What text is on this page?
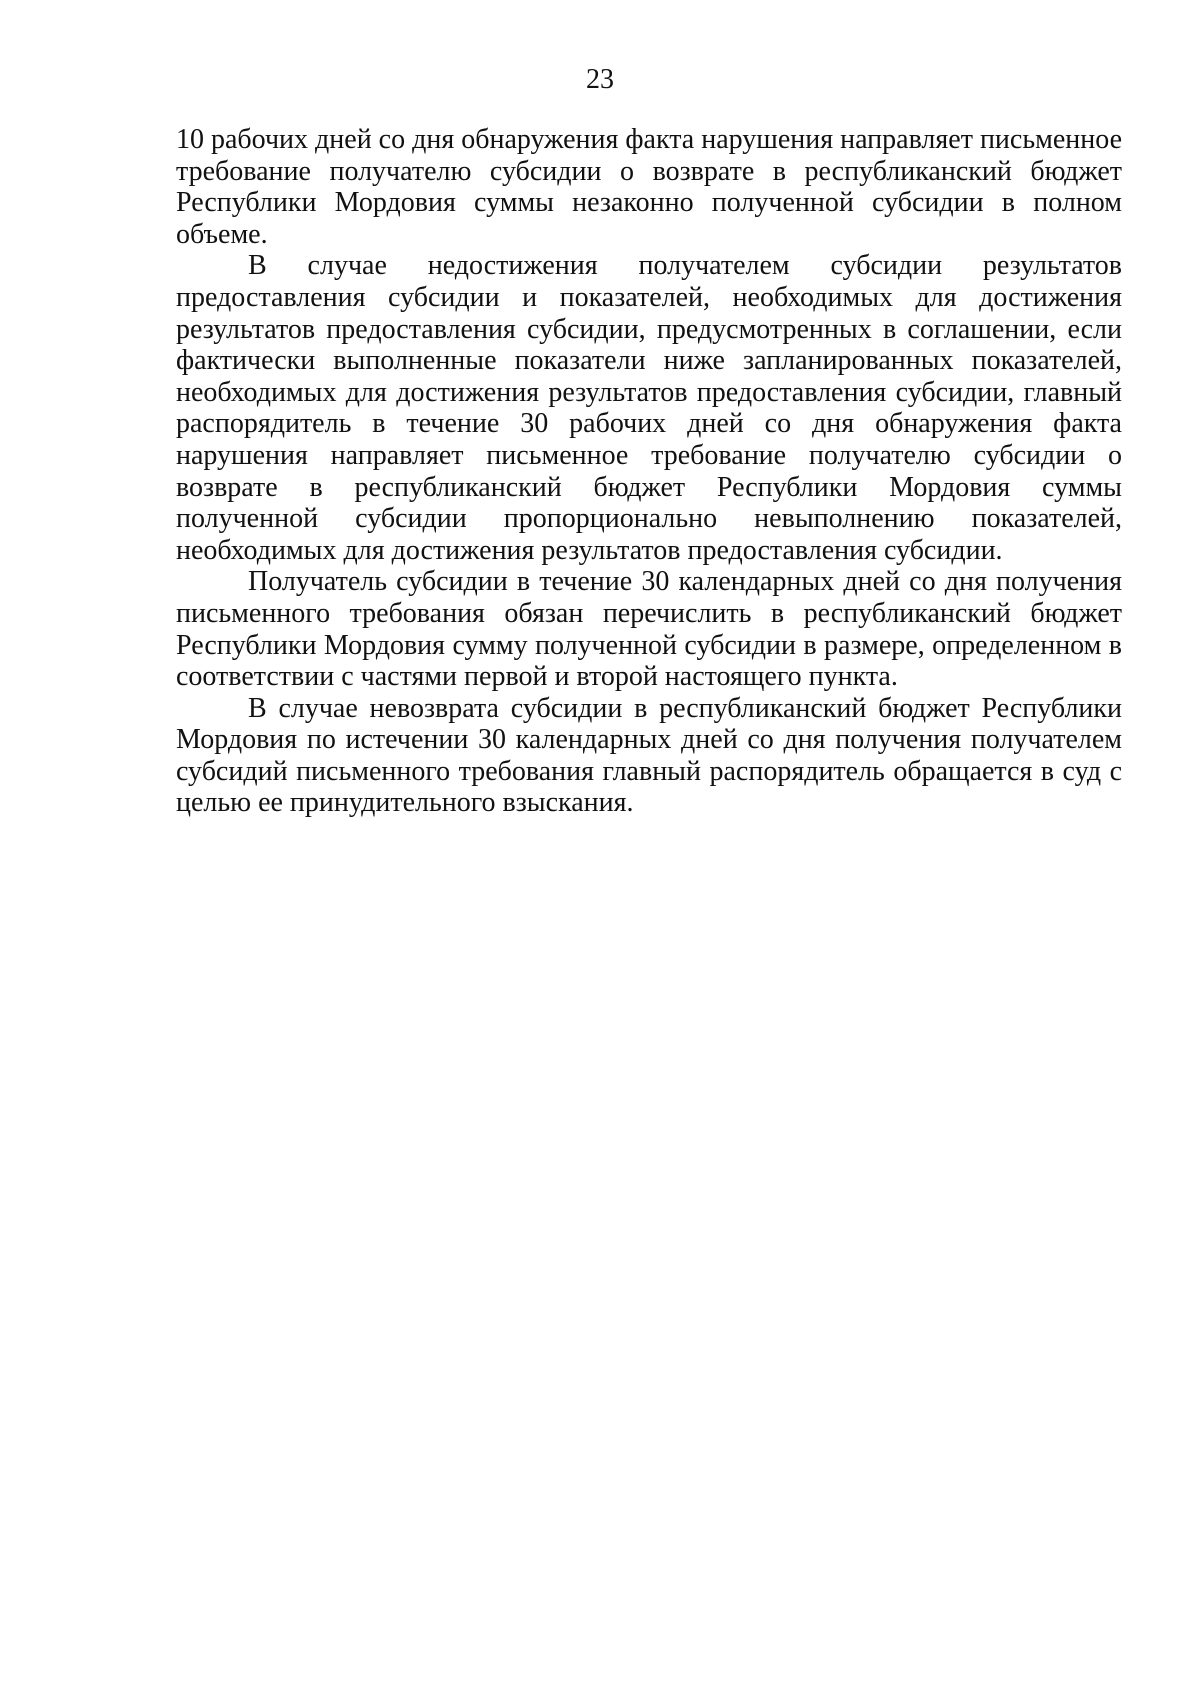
23

10 рабочих дней со дня обнаружения факта нарушения направляет письменное требование получателю субсидии о возврате в республиканский бюджет Республики Мордовия суммы незаконно полученной субсидии в полном объеме.

В случае недостижения получателем субсидии результатов предоставления субсидии и показателей, необходимых для достижения результатов предоставления субсидии, предусмотренных в соглашении, если фактически выполненные показатели ниже запланированных показателей, необходимых для достижения результатов предоставления субсидии, главный распорядитель в течение 30 рабочих дней со дня обнаружения факта нарушения направляет письменное требование получателю субсидии о возврате в республиканский бюджет Республики Мордовия суммы полученной субсидии пропорционально невыполнению показателей, необходимых для достижения результатов предоставления субсидии.

Получатель субсидии в течение 30 календарных дней со дня получения письменного требования обязан перечислить в республиканский бюджет Республики Мордовия сумму полученной субсидии в размере, определенном в соответствии с частями первой и второй настоящего пункта.

В случае невозврата субсидии в республиканский бюджет Республики Мордовия по истечении 30 календарных дней со дня получения получателем субсидий письменного требования главный распорядитель обращается в суд с целью ее принудительного взыскания.
